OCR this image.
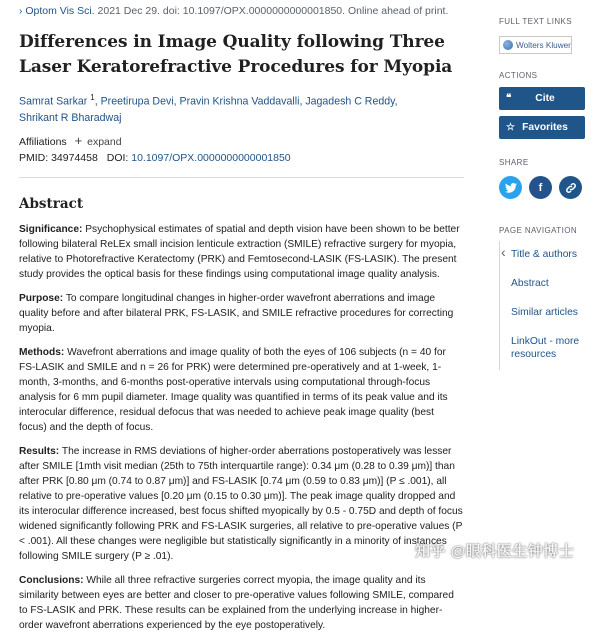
› Optom Vis Sci. 2021 Dec 29. doi: 10.1097/OPX.0000000000001850. Online ahead of print.
Differences in Image Quality following Three Laser Keratorefractive Procedures for Myopia
Samrat Sarkar $^1$, Preetirupa Devi, Pravin Krishna Vaddavalli, Jagadesh C Reddy,
Shrikant R Bharadwaj
Affiliations + expand
PMID: 34974458 DOI: 10.1097/OPX.0000000000001850
Abstract

Significance: Psychophysical estimates of spatial and depth vision have been shown to be better following bilateral ReLEx small incision lenticule extraction (SMILE) refractive surgery for myopia, relative to Photorefractive Keratectomy (PRK) and Femtosecond-LASIK (FS-LASIK). The present study provides the optical basis for these findings using computational image quality analysis.

Purpose: To compare longitudinal changes in higher-order wavefront aberrations and image quality before and after bilateral PRK, FS-LASIK, and SMILE refractive procedures for correcting myopia.

Methods: Wavefront aberrations and image quality of both the eyes of 106 subjects (n = 40 for FS-LASIK and SMILE and n = 26 for PRK) were determined pre-operatively and at 1-week, 1-month, 3-months, and 6-months post-operative intervals using computational through-focus analysis for 6 mm pupil diameter. Image quality was quantified in terms of its peak value and its interocular difference, residual defocus that was needed to achieve peak image quality (best focus) and the depth of focus.

Results: The increase in RMS deviations of higher-order aberrations postoperatively was lesser after SMILE [1mth visit median (25th to 75th interquartile range): 0.34 μm (0.28 to 0.39 μm)] than after PRK [0.80 μm (0.74 to 0.87 μm)] and FS-LASIK [0.74 μm (0.59 to 0.83 μm)] (P ≤ .001), all relative to pre-operative values [0.20 μm (0.15 to 0.30 μm)]. The peak image quality dropped and its interocular difference increased, best focus shifted myopically by 0.5 - 0.75D and depth of focus widened significantly following PRK and FS-LASIK surgeries, all relative to pre-operative values (P < .001). All these changes were negligible but statistically significantly in a minority of instances following SMILE surgery (P ≥ .01).

Conclusions: While all three refractive surgeries correct myopia, the image quality and its similarity between eyes are better and closer to pre-operative values following SMILE, compared to FS-LASIK and PRK. These results can be explained from the underlying increase in higher-order wavefront aberrations experienced by the eye postoperatively.

FULL TEXT LINKS
Wolters Kluwer
ACTIONS
❝	Cite
☆ Favorites
SHARE
f
PAGE NAVIGATION
‹ Title & authors
Abstract
Similar articles
LinkOut - more resources
知乎 @眼科医生钟博士
